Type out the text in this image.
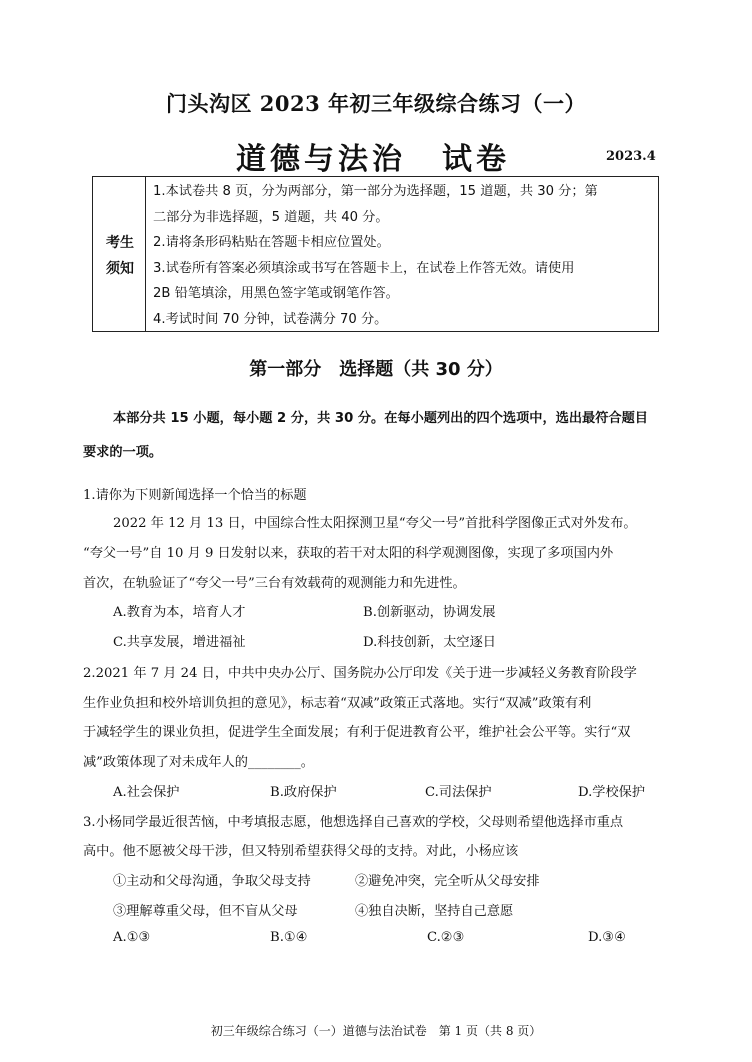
门头沟区 2023 年初三年级综合练习（一）
道德与法治 试卷	2023.4
考生
须知
1.本试卷共 8 页，分为两部分，第一部分为选择题，15 道题，共 30 分；第
二部分为非选择题，5 道题，共 40 分。
2.请将条形码粘贴在答题卡相应位置处。
3.试卷所有答案必须填涂或书写在答题卡上，在试卷上作答无效。请使用
2B 铅笔填涂，用黑色签字笔或钢笔作答。
4.考试时间 70 分钟，试卷满分 70 分。
第一部分　选择题（共 30 分）
本部分共 15 小题，每小题 2 分，共 30 分。在每小题列出的四个选项中，选出最符合题目
要求的一项。
1.请你为下则新闻选择一个恰当的标题
2022 年 12 月 13 日，中国综合性太阳探测卫星“夸父一号”首批科学图像正式对外发布。
“夸父一号”自 10 月 9 日发射以来，获取的若干对太阳的科学观测图像，实现了多项国内外
首次，在轨验证了“夸父一号”三台有效载荷的观测能力和先进性。
A.教育为本，培育人才	B.创新驱动，协调发展
C.共享发展，增进福祉	D.科技创新，太空逐日
2.2021 年 7 月 24 日，中共中央办公厅、国务院办公厅印发《关于进一步减轻义务教育阶段学
生作业负担和校外培训负担的意见》，标志着“双减”政策正式落地。实行“双减”政策有利
于减轻学生的课业负担，促进学生全面发展；有利于促进教育公平，维护社会公平等。实行“双
减”政策体现了对未成年人的________。
A.社会保护	B.政府保护	C.司法保护	D.学校保护
3.小杨同学最近很苦恼，中考填报志愿，他想选择自己喜欢的学校，父母则希望他选择市重点
高中。他不愿被父母干涉，但又特别希望获得父母的支持。对此，小杨应该
①主动和父母沟通，争取父母支持	②避免冲突，完全听从父母安排
③理解尊重父母，但不盲从父母	④独自决断，坚持自己意愿
A.①③	B.①④	C.②③	D.③④
初三年级综合练习（一）道德与法治试卷　第 1 页（共 8 页）
